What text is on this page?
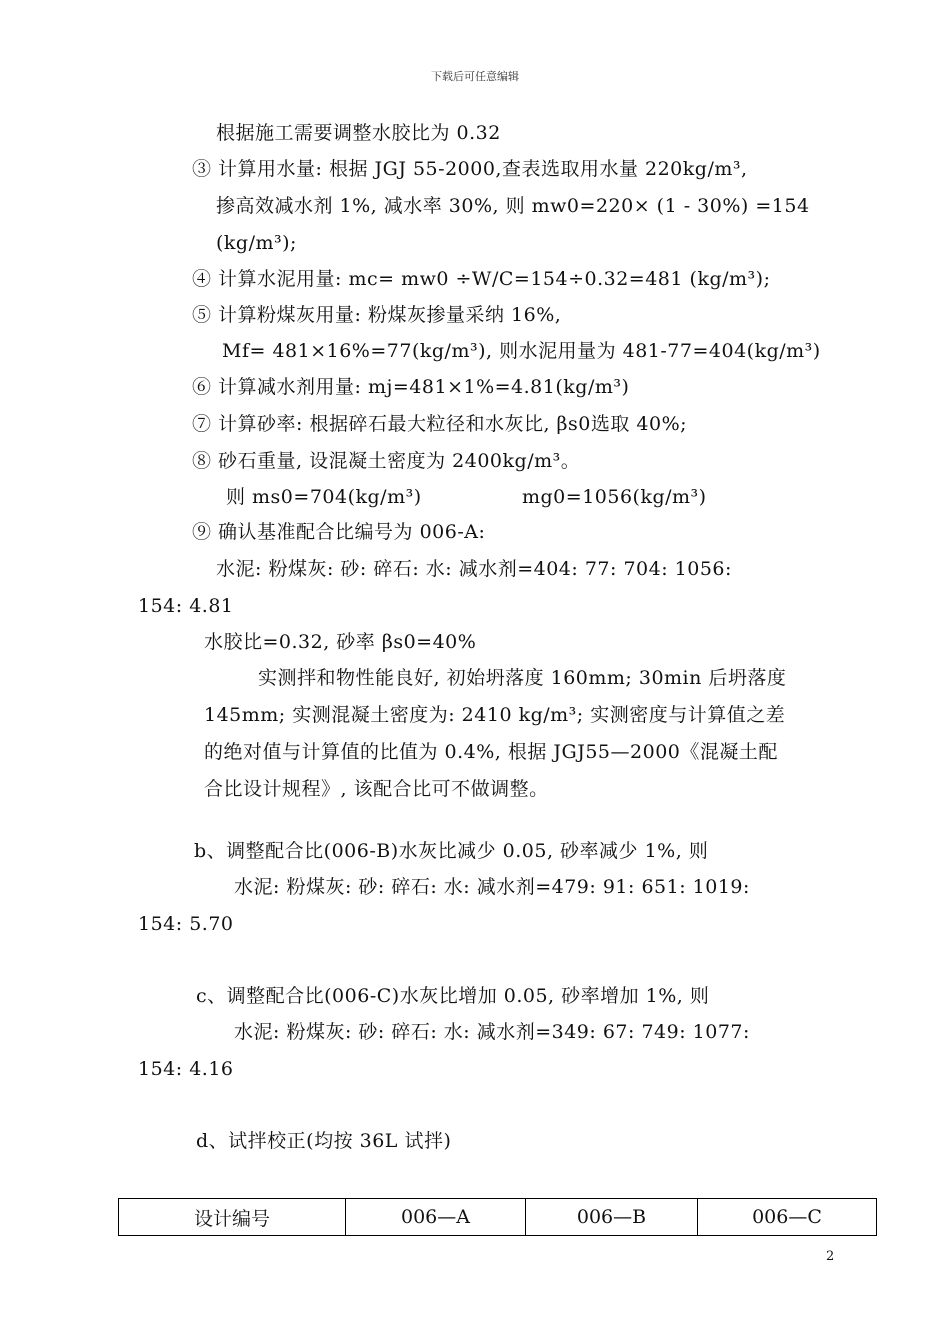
下载后可任意编辑
根据施工需要调整水胶比为 0.32
③ 计算用水量: 根据 JGJ 55-2000,查表选取用水量 220kg/m³,
掺高效减水剂 1%, 减水率 30%, 则 mw0=220× (1 - 30%) =154
(kg/m³);
④ 计算水泥用量: mc= mw0 ÷W/C=154÷0.32=481 (kg/m³);
⑤ 计算粉煤灰用量: 粉煤灰掺量采纳 16%,
Mf= 481×16%=77(kg/m³), 则水泥用量为 481-77=404(kg/m³)
⑥ 计算减水剂用量: mj=481×1%=4.81(kg/m³)
⑦ 计算砂率: 根据碎石最大粒径和水灰比, βs0选取 40%;
⑧ 砂石重量, 设混凝土密度为 2400kg/m³。
则 ms0=704(kg/m³)	mg0=1056(kg/m³)
⑨ 确认基准配合比编号为 006-A:
水泥: 粉煤灰: 砂: 碎石: 水: 减水剂=404: 77: 704: 1056:
154: 4.81
水胶比=0.32, 砂率 βs0=40%
实测拌和物性能良好, 初始坍落度 160mm; 30min 后坍落度
145mm; 实测混凝土密度为: 2410 kg/m³; 实测密度与计算值之差
的绝对值与计算值的比值为 0.4%, 根据 JGJ55—2000《混凝土配
合比设计规程》, 该配合比可不做调整。
b、调整配合比(006-B)水灰比减少 0.05, 砂率减少 1%, 则
水泥: 粉煤灰: 砂: 碎石: 水: 减水剂=479: 91: 651: 1019:
154: 5.70
c、调整配合比(006-C)水灰比增加 0.05, 砂率增加 1%, 则
水泥: 粉煤灰: 砂: 碎石: 水: 减水剂=349: 67: 749: 1077:
154: 4.16
d、试拌校正(均按 36L 试拌)
设计编号	006—A	006—B	006—C
2
